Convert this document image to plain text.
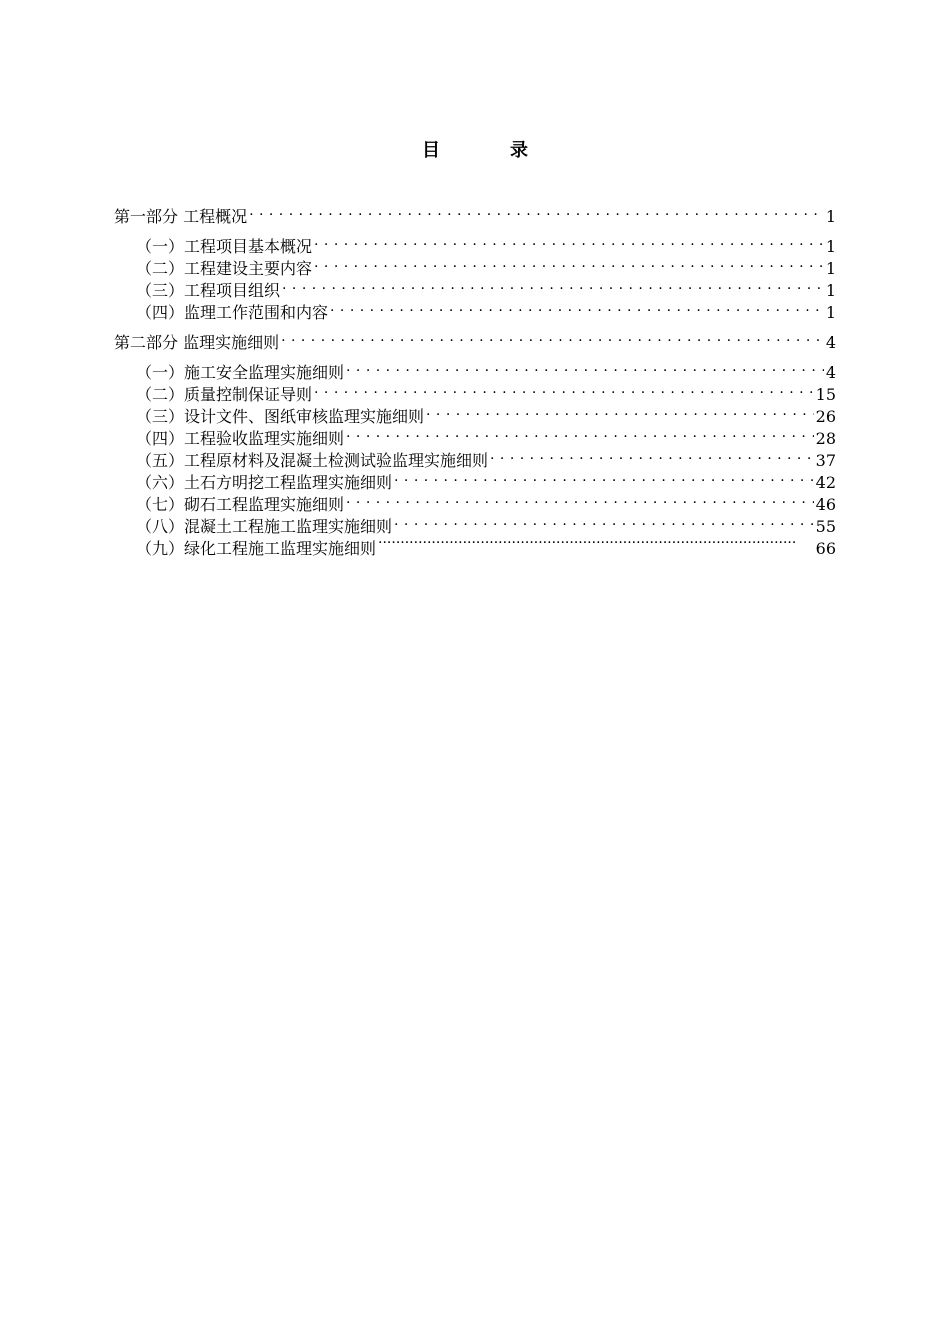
目　录
第一部分 工程概况 . . .	1
（一）工程项目基本概况 . . .	1
（二）工程建设主要内容 . . .	1
（三）工程项目组织 . . .	1
（四）监理工作范围和内容 . . .	1
第二部分 监理实施细则 . . .	4
（一）施工安全监理实施细则 . . .	4
（二）质量控制保证导则 . . .	15
（三）设计文件、图纸审核监理实施细则 . . .	26
（四）工程验收监理实施细则 . . .	28
（五）工程原材料及混凝土检测试验监理实施细则 . . .	37
（六）土石方明挖工程监理实施细则 . . .	42
（七）砌石工程监理实施细则 . . .	46
（八）混凝土工程施工监理实施细则 . . .	55
（九）绿化工程施工监理实施细则 ·····	66
